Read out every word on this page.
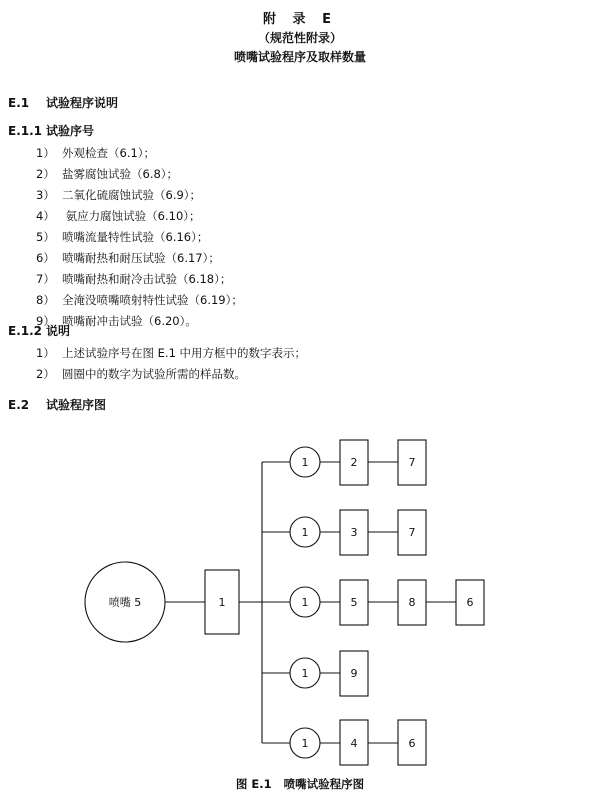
附 录 E
（规范性附录）
喷嘴试验程序及取样数量
E.1 试验程序说明
E.1.1 试验序号
1） 外观检查（6.1）；
2） 盐雾腐蚀试验（6.8）；
3） 二氧化硫腐蚀试验（6.9）；
4） 氨应力腐蚀试验（6.10）；
5） 喷嘴流量特性试验（6.16）；
6） 喷嘴耐热和耐压试验（6.17）；
7） 喷嘴耐热和耐冷击试验（6.18）；
8） 全淹没喷嘴喷射特性试验（6.19）；
9） 喷嘴耐冲击试验（6.20）。
E.1.2 说明
1） 上述试验序号在图 E.1 中用方框中的数字表示；
2） 圆圈中的数字为试验所需的样品数。
E.2 试验程序图
喷嘴 5	1
1	2	7
1	3	7
1	5	8	6
1	9
1	4	6
图 E.1 喷嘴试验程序图
